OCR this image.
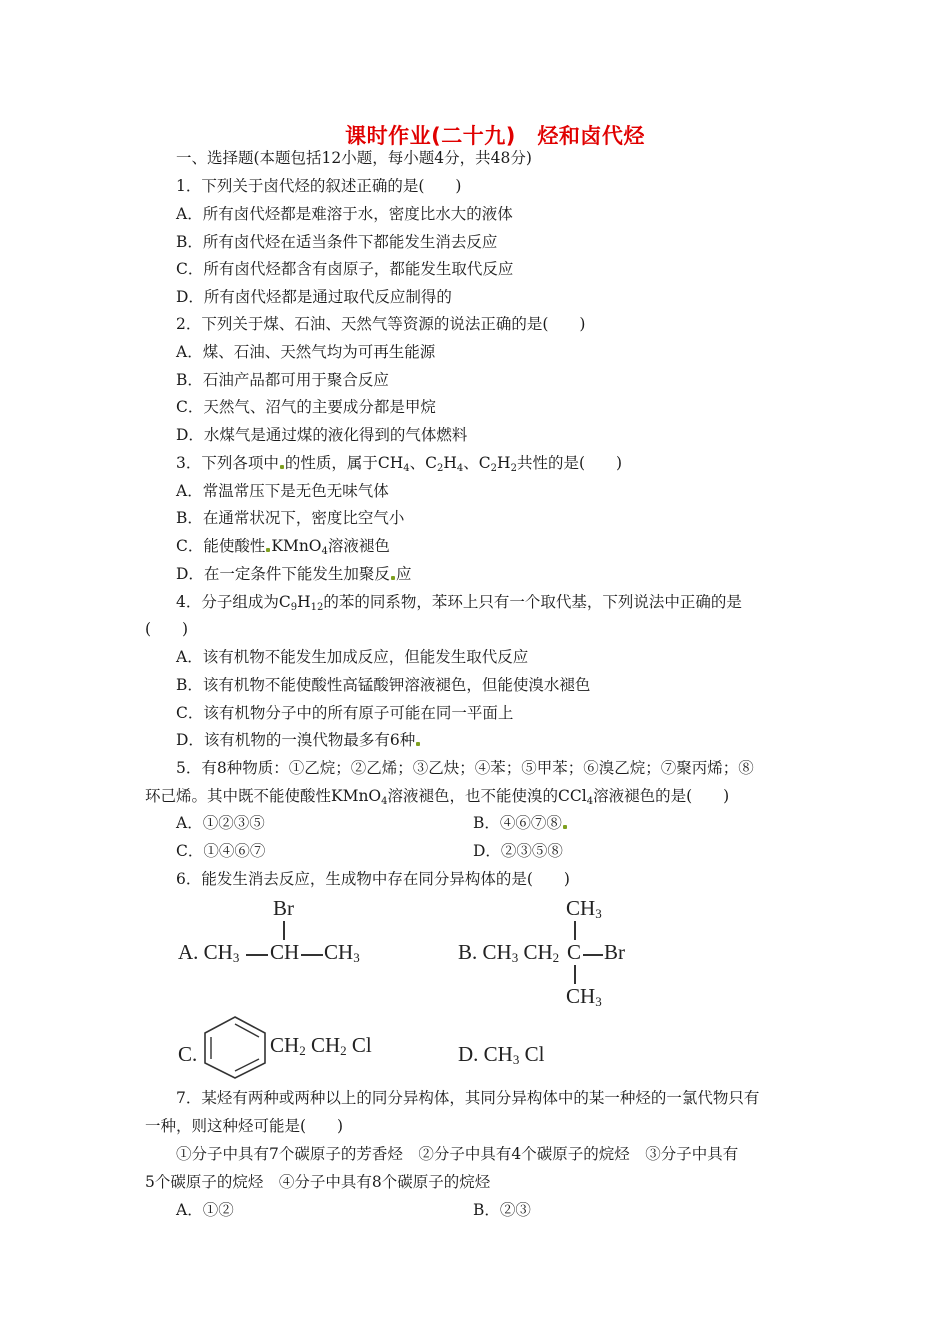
课时作业(二十九)　烃和卤代烃
一、选择题(本题包括12小题，每小题4分，共48分)
1．下列关于卤代烃的叙述正确的是(　　)
A．所有卤代烃都是难溶于水，密度比水大的液体
B．所有卤代烃在适当条件下都能发生消去反应
C．所有卤代烃都含有卤原子，都能发生取代反应
D．所有卤代烃都是通过取代反应制得的
2．下列关于煤、石油、天然气等资源的说法正确的是(　　)
A．煤、石油、天然气均为可再生能源
B．石油产品都可用于聚合反应
C．天然气、沼气的主要成分都是甲烷
D．水煤气是通过煤的液化得到的气体燃料
3．下列各项中 的性质，属于$CH_4$、$C_2H_4$、$C_2H_2$共性的是(　　)
A．常温常压下是无色无味气体
B．在通常状况下，密度比空气小
C．能使酸性 KMnO$_4$溶液褪色
D．在一定条件下能发生加聚反 应
4．分子组成为$C_9H_{12}$的苯的同系物，苯环上只有一个取代基，下列说法中正确的是
(　　)
A．该有机物不能发生加成反应，但能发生取代反应
B．该有机物不能使酸性高锰酸钾溶液褪色，但能使溴水褪色
C．该有机物分子中的所有原子可能在同一平面上
D．该有机物的一溴代物最多有6种
5．有8种物质：①乙烷；②乙烯；③乙炔；④苯；⑤甲苯；⑥溴乙烷；⑦聚丙烯；⑧
环己烯。其中既不能使酸性KMnO$_4$溶液褪色，也不能使溴的CCl$_4$溶液褪色的是(　　)
A．①②③⑤	B．④⑥⑦⑧
C．①④⑥⑦	D．②③⑤⑧
6．能发生消去反应，生成物中存在同分异构体的是(　　)
Br
A. $CH_3$ CH $CH_3$
$CH_3$
B. $CH_3$ $CH_2$ C Br
$CH_3$
C.	$CH_2$ $CH_2$ Cl	D. $CH_3$ Cl
7．某烃有两种或两种以上的同分异构体，其同分异构体中的某一种烃的一氯代物只有
一种，则这种烃可能是(　　)
①分子中具有7个碳原子的芳香烃　②分子中具有4个碳原子的烷烃　③分子中具有
5个碳原子的烷烃　④分子中具有8个碳原子的烷烃
A．①②	B．②③
